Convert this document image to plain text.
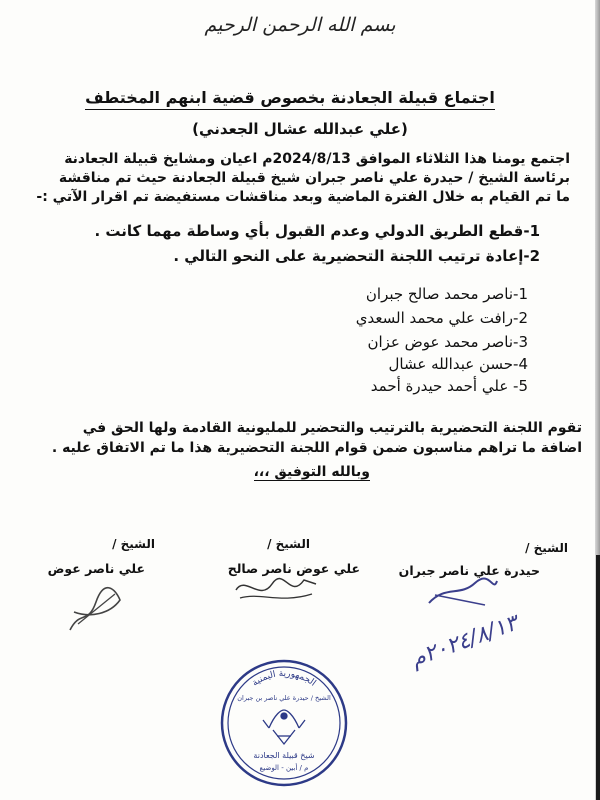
بسم الله الرحمن الرحيم
اجتماع قبيلة الجعادنة بخصوص قضية ابنهم المختطف
(علي عبدالله عشال الجعدني)
اجتمع يومنا هذا الثلاثاء الموافق 2024/8/13م اعيان ومشايخ قبيلة الجعادنة
برئاسة الشيخ / حيدرة علي ناصر جبران شيخ قبيلة الجعادنة حيث تم مناقشة
ما تم القيام به خلال الفترة الماضية وبعد مناقشات مستفيضة تم اقرار الآتي :-
1-قطع الطريق الدولي وعدم القبول بأي وساطة مهما كانت .
2-إعادة ترتيب اللجنة التحضيرية على النحو التالي .
1-ناصر محمد صالح جبران
2-رافت علي محمد السعدي
3-ناصر محمد عوض عزان
4-حسن عبدالله عشال
5- علي أحمد حيدرة أحمد
تقوم اللجنة التحضيرية بالترتيب والتحضير للمليونية القادمة ولها الحق في
اضافة ما تراهم مناسبون ضمن قوام اللجنة التحضيرية هذا ما تم الاتفاق عليه .
وبالله التوفيق ،،،
الشيخ /
حيدرة علي ناصر جبران
الشيخ /
علي عوض ناصر صالح
الشيخ /
علي ناصر عوض
٢٠٢٤/٨/١٣م
الجمهورية اليمنية
الشيخ / حيدرة علي ناصر بن جبران
شيخ قبيلة الجعادنة
م / أبين - الوضيع
